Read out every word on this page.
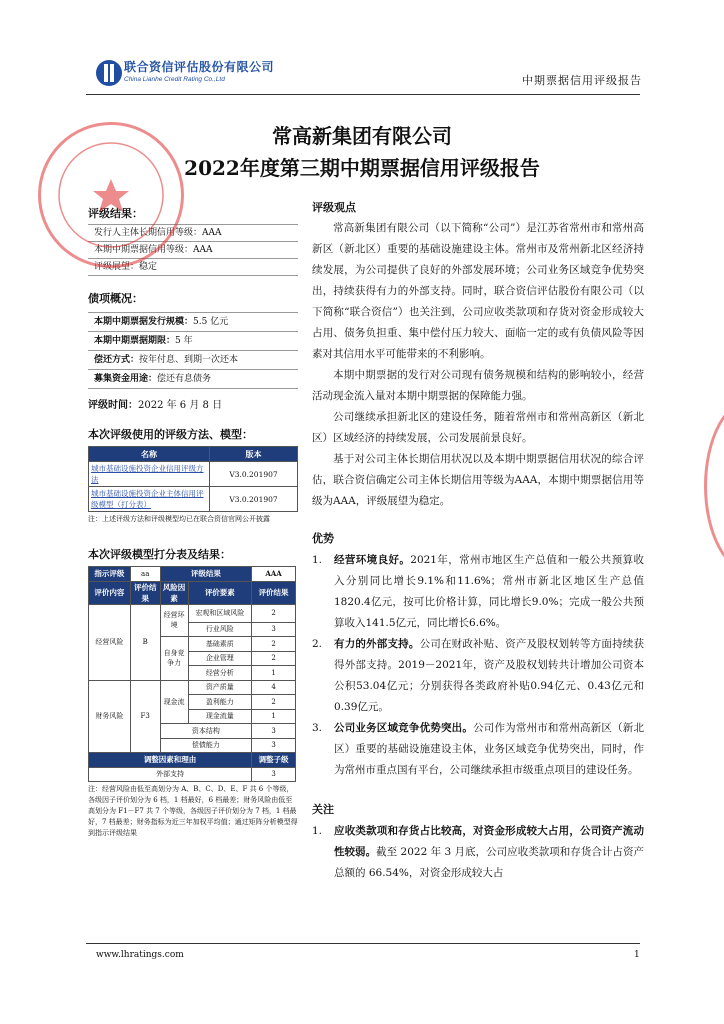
联合资信评估股份有限公司
China Lianhe Credit Rating Co.,Ltd	中期票据信用评级报告
常高新集团有限公司
2022年度第三期中期票据信用评级报告
评级结果：
发行人主体长期信用等级：AAA
本期中期票据信用等级：AAA
评级展望：稳定
债项概况：
本期中期票据发行规模：5.5 亿元
本期中期票据期限：5 年
偿还方式：按年付息、到期一次还本
募集资金用途：偿还有息债务
评级时间：2022 年 6 月 8 日
本次评级使用的评级方法、模型：
名称	版本
城市基础设施投资企业信用评级方法	V3.0.201907
城市基础设施投资企业主体信用评级模型（打分表）	V3.0.201907
注：上述评级方法和评级模型均已在联合资信官网公开披露
本次评级模型打分表及结果：
指示评级	aa	评级结果		AAA
评价内容	评价结果	风险因素	评价要素	评价结果
经营风险	B	经营环境	宏观和区域风险	2
			行业风险	3
		自身竞争力	基础素质	2
			企业管理	2
			经营分析	1
财务风险	F3	现金流	资产质量	4
			盈利能力	2
			现金流量	1
		资本结构		3
		偿债能力		3
调整因素和理由				调整子级
外部支持				3
注：经营风险由低至高划分为 A、B、C、D、E、F 共 6 个等级，各级因子评价划分为 6 档，1 档最好，6 档最差；财务风险由低至高划分为 F1－F7 共 7 个等级，各级因子评价划分为 7 档，1 档最好，7 档最差；财务指标为近三年加权平均值；通过矩阵分析模型得到指示评级结果
评级观点

常高新集团有限公司（以下简称“公司”）是江苏省常州市和常州高新区（新北区）重要的基础设施建设主体。常州市及常州新北区经济持续发展，为公司提供了良好的外部发展环境；公司业务区域竞争优势突出，持续获得有力的外部支持。同时，联合资信评估股份有限公司（以下简称“联合资信”）也关注到，公司应收类款项和存货对资金形成较大占用、债务负担重、集中偿付压力较大、面临一定的或有负债风险等因素对其信用水平可能带来的不利影响。

本期中期票据的发行对公司现有债务规模和结构的影响较小，经营活动现金流入量对本期中期票据的保障能力强。

公司继续承担新北区的建设任务，随着常州市和常州高新区（新北区）区域经济的持续发展，公司发展前景良好。

基于对公司主体长期信用状况以及本期中期票据信用状况的综合评估，联合资信确定公司主体长期信用等级为AAA，本期中期票据信用等级为AAA，评级展望为稳定。

优势
1. 经营环境良好。2021年，常州市地区生产总值和一般公共预算收入分别同比增长9.1%和11.6%；常州市新北区地区生产总值1820.4亿元，按可比价格计算，同比增长9.0%；完成一般公共预算收入141.5亿元，同比增长6.6%。
2. 有力的外部支持。公司在财政补贴、资产及股权划转等方面持续获得外部支持。2019－2021年，资产及股权划转共计增加公司资本公积53.04亿元；分别获得各类政府补贴0.94亿元、0.43亿元和0.39亿元。
3. 公司业务区域竞争优势突出。公司作为常州市和常州高新区（新北区）重要的基础设施建设主体，业务区域竞争优势突出，同时，作为常州市重点国有平台，公司继续承担市级重点项目的建设任务。
关注
1. 应收类款项和存货占比较高，对资金形成较大占用，公司资产流动性较弱。截至 2022 年 3 月底，公司应收类款项和存货合计占资产总额的 66.54%，对资金形成较大占
www.lhratings.com	1
